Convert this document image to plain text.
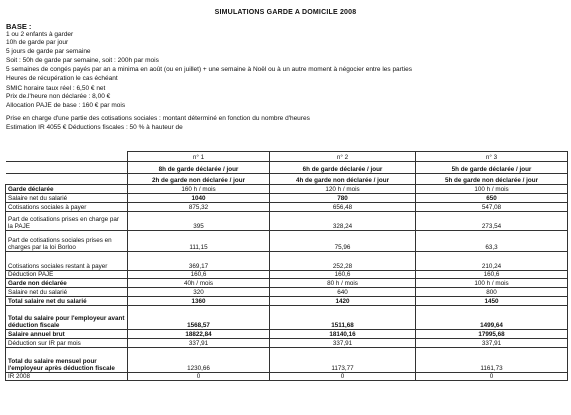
SIMULATIONS GARDE A DOMICILE 2008
BASE :
1 ou 2 enfants à garder
10h de garde par jour
5 jours de garde par semaine
Soit : 50h de garde par semaine, soit : 200h par mois
5 semaines de congés payés par an a minima en août (ou en juillet) + une semaine à Noël ou à un autre moment à négocier entre les parties
Heures de récupération le cas échéant
SMIC horaire taux réel : 6,50 € net
Prix de.l'heure non déclarée : 8,00 €
Allocation PAJE de base : 160 € par mois
Prise en charge d'une partie des cotisations sociales : montant déterminé en fonction du nombre d'heures
Estimation IR 4055 € Déductions fiscales : 50 % à hauteur de
	n° 1	n° 2	n° 3
	8h de garde déclarée / jour	6h de garde déclarée / jour	5h de garde déclarée / jour
	2h de garde non déclarée / jour	4h de garde non déclarée / jour	5h de garde non déclarée / jour
Garde déclarée	160 h / mois	120 h / mois	100 h / mois
Salaire net du salarié	1040	780	650
Cotisations sociales à payer	875,32	656,48	547,08
Part de cotisations prises en charge par la PAJE	395	328,24	273,54
Part de cotisations sociales prises en charges par la loi Borloo	111,15	75,96	63,3
Cotisations sociales restant à payer	369,17	252,28	210,24
Déduction PAJE	160,6	160,6	160,6
Garde non déclarée	40h / mois	80 h / mois	100 h / mois
Salaire net du salarié	320	640	800
Total salaire net du salarié	1360	1420	1450
Total du salaire pour l'employeur avant déduction fiscale	1568,57	1511,68	1499,64
Salaire annuel brut	18822,84	18140,16	17995,68
Déduction sur IR par mois	337,91	337,91	337,91
Total du salaire mensuel pour l'employeur après déduction fiscale	1230,66	1173,77	1161,73
IR 2008	0	0	0
